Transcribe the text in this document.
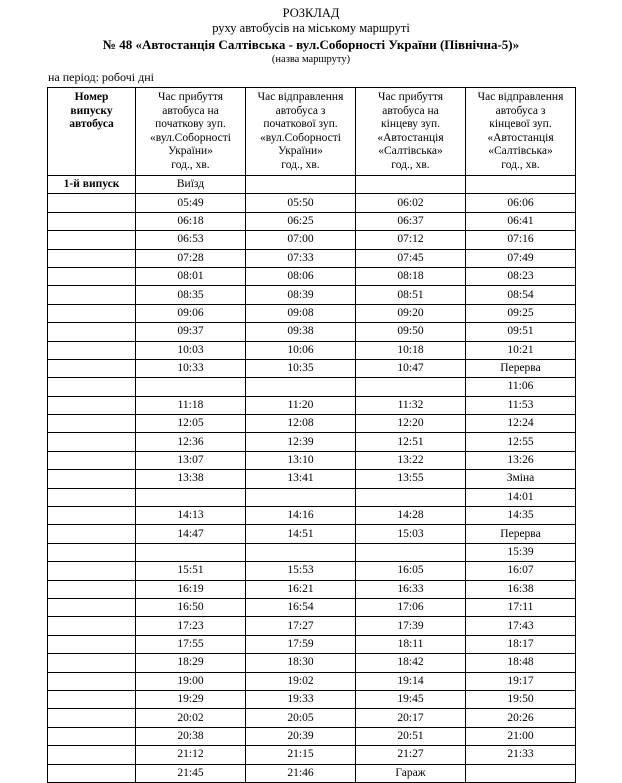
РОЗКЛАД
руху автобусів на міському маршруті
№ 48 «Автостанція Салтівська - вул.Соборності України (Північна-5)»
(назва маршруту)
на період: робочі дні
Номер
випуску
автобуса	Час прибуття
автобуса на
початкову зуп.
«вул.Соборності
України»
год., хв.	Час відправлення
автобуса з
початкової зуп.
«вул.Соборності
України»
год., хв.	Час прибуття
автобуса на
кінцеву зуп.
«Автостанція
«Салтівська»
год., хв.	Час відправлення
автобуса з
кінцевої зуп.
«Автостанція
«Салтівська»
год., хв.
1-й випуск	Виїзд			
	05:49	05:50	06:02	06:06
	06:18	06:25	06:37	06:41
	06:53	07:00	07:12	07:16
	07:28	07:33	07:45	07:49
	08:01	08:06	08:18	08:23
	08:35	08:39	08:51	08:54
	09:06	09:08	09:20	09:25
	09:37	09:38	09:50	09:51
	10:03	10:06	10:18	10:21
	10:33	10:35	10:47	Перерва
				11:06
	11:18	11:20	11:32	11:53
	12:05	12:08	12:20	12:24
	12:36	12:39	12:51	12:55
	13:07	13:10	13:22	13:26
	13:38	13:41	13:55	Зміна
				14:01
	14:13	14:16	14:28	14:35
	14:47	14:51	15:03	Перерва
				15:39
	15:51	15:53	16:05	16:07
	16:19	16:21	16:33	16:38
	16:50	16:54	17:06	17:11
	17:23	17:27	17:39	17:43
	17:55	17:59	18:11	18:17
	18:29	18:30	18:42	18:48
	19:00	19:02	19:14	19:17
	19:29	19:33	19:45	19:50
	20:02	20:05	20:17	20:26
	20:38	20:39	20:51	21:00
	21:12	21:15	21:27	21:33
	21:45	21:46	Гараж	
